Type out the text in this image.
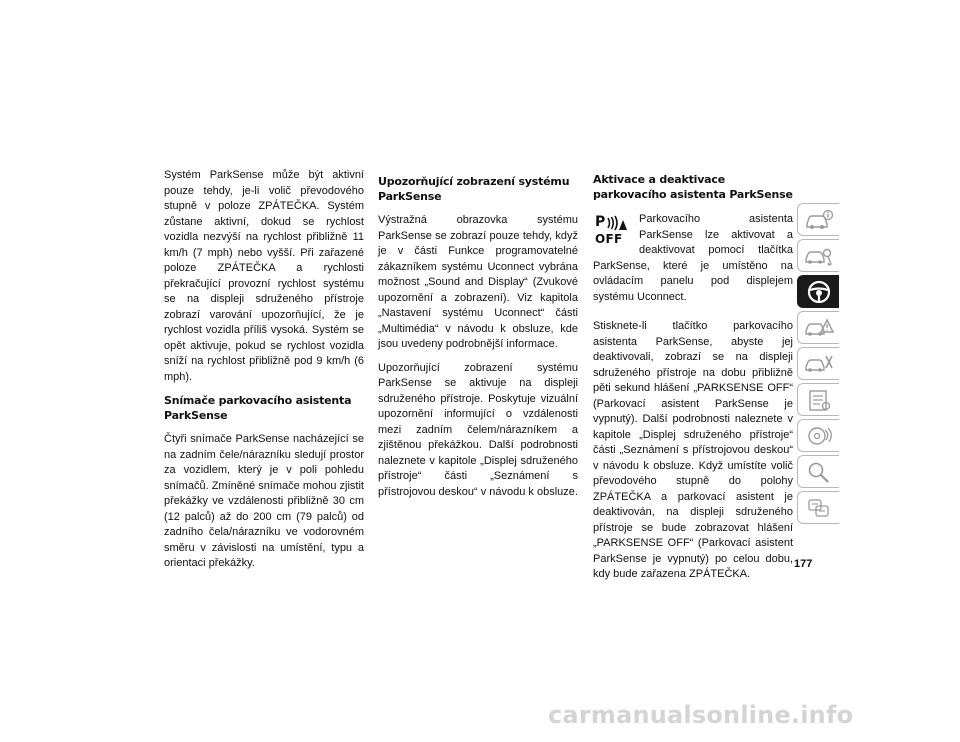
Systém ParkSense může být aktivní pouze tehdy, je-li volič převodového stupně v poloze ZPÁTEČKA. Systém zůstane aktivní, dokud se rychlost vozidla nezvýší na rychlost přibližně 11 km/h (7 mph) nebo vyšší. Při zařazené poloze ZPÁTEČKA a rychlosti překračující provozní rychlost systému se na displeji sdruženého přístroje zobrazí varování upozorňující, že je rychlost vozidla příliš vysoká. Systém se opět aktivuje, pokud se rychlost vozidla sníží na rychlost přibližně pod 9 km/h (6 mph).

Snímače parkovacího asistenta ParkSense

Čtyři snímače ParkSense nacházející se na zadním čele/nárazníku sledují prostor za vozidlem, který je v poli pohledu snímačů. Zmíněné snímače mohou zjistit překážky ve vzdálenosti přibližně 30 cm (12 palců) až do 200 cm (79 palců) od zadního čela/nárazníku ve vodorovném směru v závislosti na umístění, typu a orientaci překážky.

Upozorňující zobrazení systému ParkSense

Výstražná obrazovka systému ParkSense se zobrazí pouze tehdy, když je v části Funkce programovatelné zákazníkem systému Uconnect vybrána možnost „Sound and Display“ (Zvukové upozornění a zobrazení). Viz kapitola „Nastavení systému Uconnect“ části „Multimédia“ v návodu k obsluze, kde jsou uvedeny podrobnější informace.

Upozorňující zobrazení systému ParkSense se aktivuje na displeji sdruženého přístroje. Poskytuje vizuální upozornění informující o vzdálenosti mezi zadním čelem/nárazníkem a zjištěnou překážkou. Další podrobnosti naleznete v kapitole „Displej sdruženého přístroje“ části „Seznámení s přístrojovou deskou“ v návodu k obsluze.

Aktivace a deaktivace parkovacího asistenta ParkSense
P
OFF

Parkovacího asistenta ParkSense lze aktivovat a deaktivovat pomocí tlačítka ParkSense, které je umístěno na ovládacím panelu pod displejem systému Uconnect.

Stisknete-li tlačítko parkovacího asistenta ParkSense, abyste jej deaktivovali, zobrazí se na displeji sdruženého přístroje na dobu přibližně pěti sekund hlášení „PARKSENSE OFF“ (Parkovací asistent ParkSense je vypnutý). Další podrobnosti naleznete v kapitole „Displej sdruženého přístroje“ části „Seznámení s přístrojovou deskou“ v návodu k obsluze. Když umístíte volič převodového stupně do polohy ZPÁTEČKA a parkovací asistent je deaktivován, na displeji sdruženého přístroje se bude zobrazovat hlášení „PARKSENSE OFF“ (Parkovací asistent ParkSense je vypnutý) po celou dobu, kdy bude zařazena ZPÁTEČKA.

177
carmanualsonline.info
